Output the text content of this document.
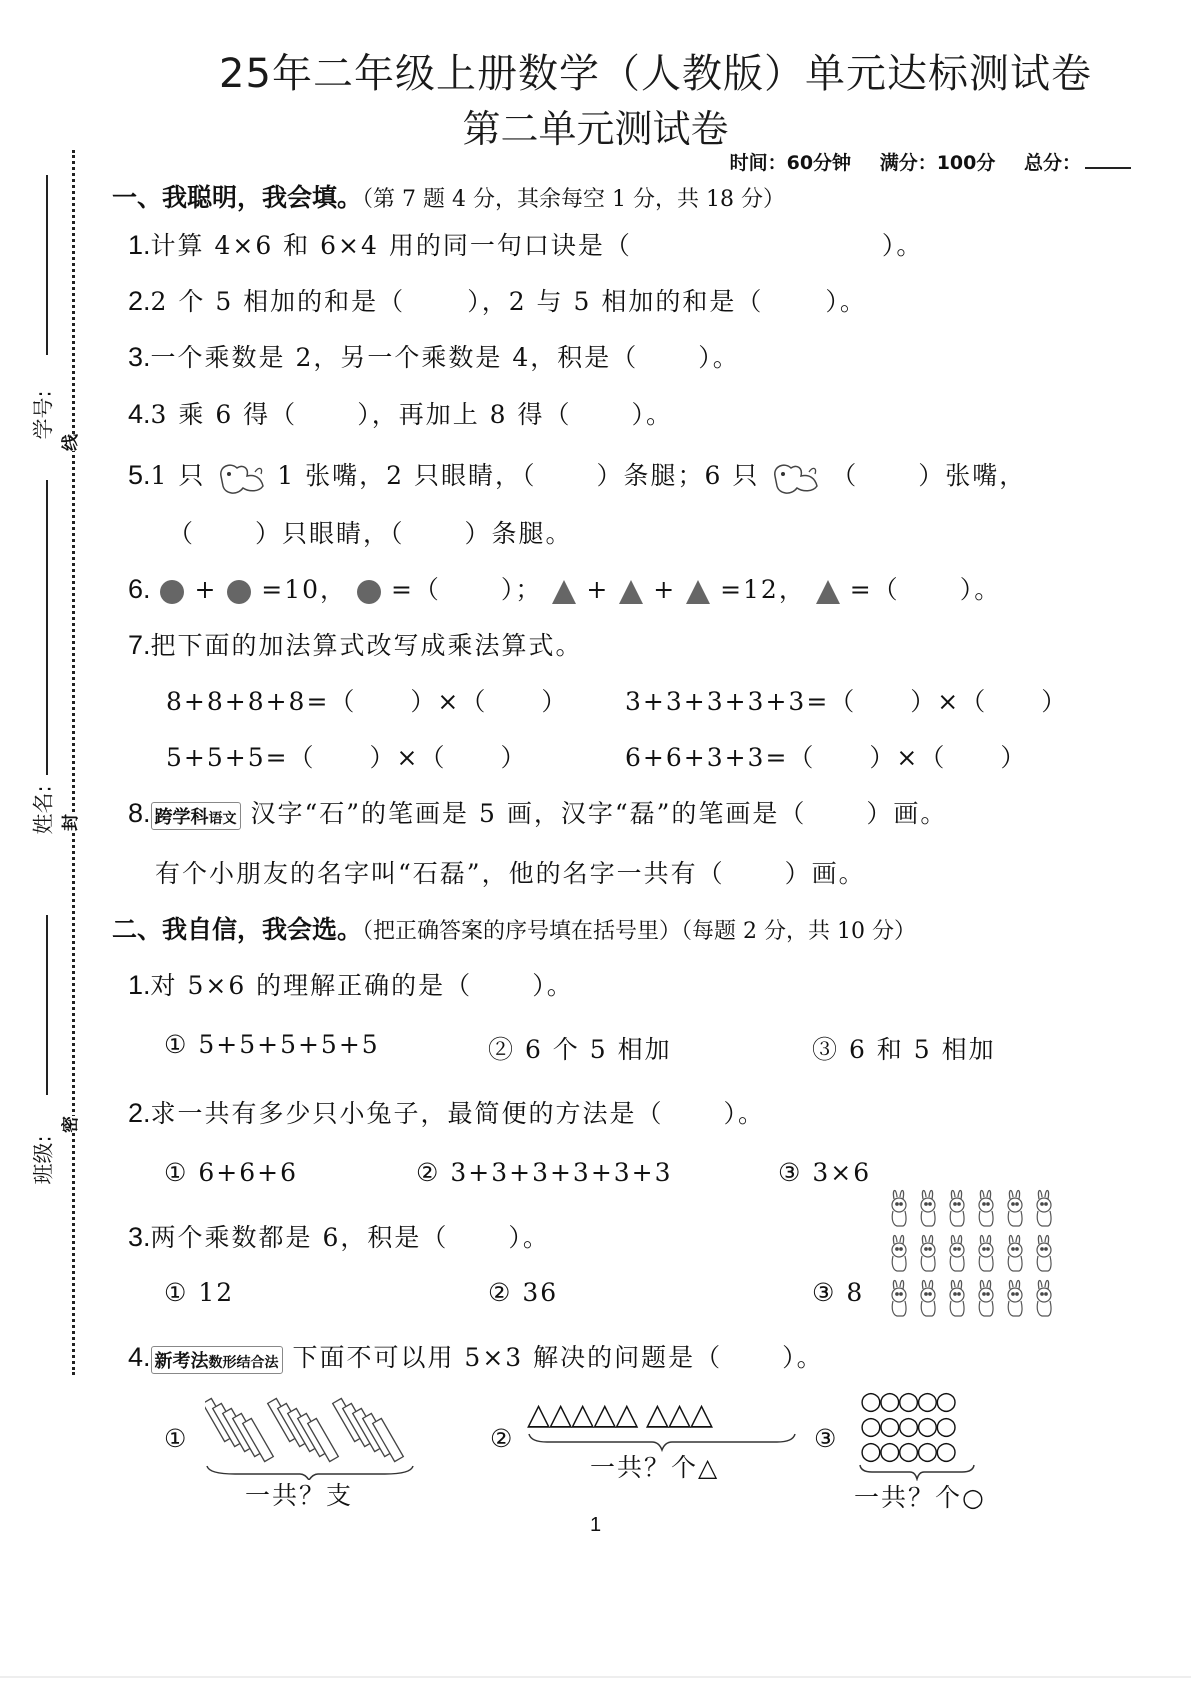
25年二年级上册数学（人教版）单元达标测试卷
第二单元测试卷
时间：60分钟 满分：100分 总分：
学号:
线
姓名: 封
班级:
密
一、我聪明，我会填。（第 7 题 4 分，其余每空 1 分，共 18 分）
1.计算 4×6 和 6×4 用的同一句口诀是（	）。
2.2 个 5 相加的和是（ ），2 与 5 相加的和是（ ）。
3.一个乘数是 2，另一个乘数是 4，积是（ ）。
4.3 乘 6 得（ ），再加上 8 得（ ）。
5.1 只	1 张嘴，2 只眼睛，（ ）条腿；6 只	（ ）张嘴，
（ ）只眼睛，（ ）条腿。
6. + =10， =（ ）； + + =12， =（ ）。
7.把下面的加法算式改写成乘法算式。
8+8+8+8=（　　）×（　　） 3+3+3+3+3=（　　）×（　　）
5+5+5=（　　）×（　　）	6+6+3+3=（　　）×（　　）
8. 跨学科语文 汉字“石”的笔画是 5 画，汉字“磊”的笔画是（ ）画。
有个小朋友的名字叫“石磊”，他的名字一共有（ ）画。
二、我自信，我会选。（把正确答案的序号填在括号里）（每题 2 分，共 10 分）
1.对 5×6 的理解正确的是（ ）。
① 5+5+5+5+5	② 6 个 5 相加	③ 6 和 5 相加
2.求一共有多少只小兔子，最简便的方法是（ ）。
① 6+6+6	② 3+3+3+3+3+3	③ 3×6
3.两个乘数都是 6，积是（ ）。
① 12	② 36	③ 8
4. 新考法数形结合法 下面不可以用 5×3 解决的问题是（ ）。
①
一共？支
②
△△△△△ △△△
一共？个△
③
○○○○○
○○○○○
○○○○○
一共？个○
1
